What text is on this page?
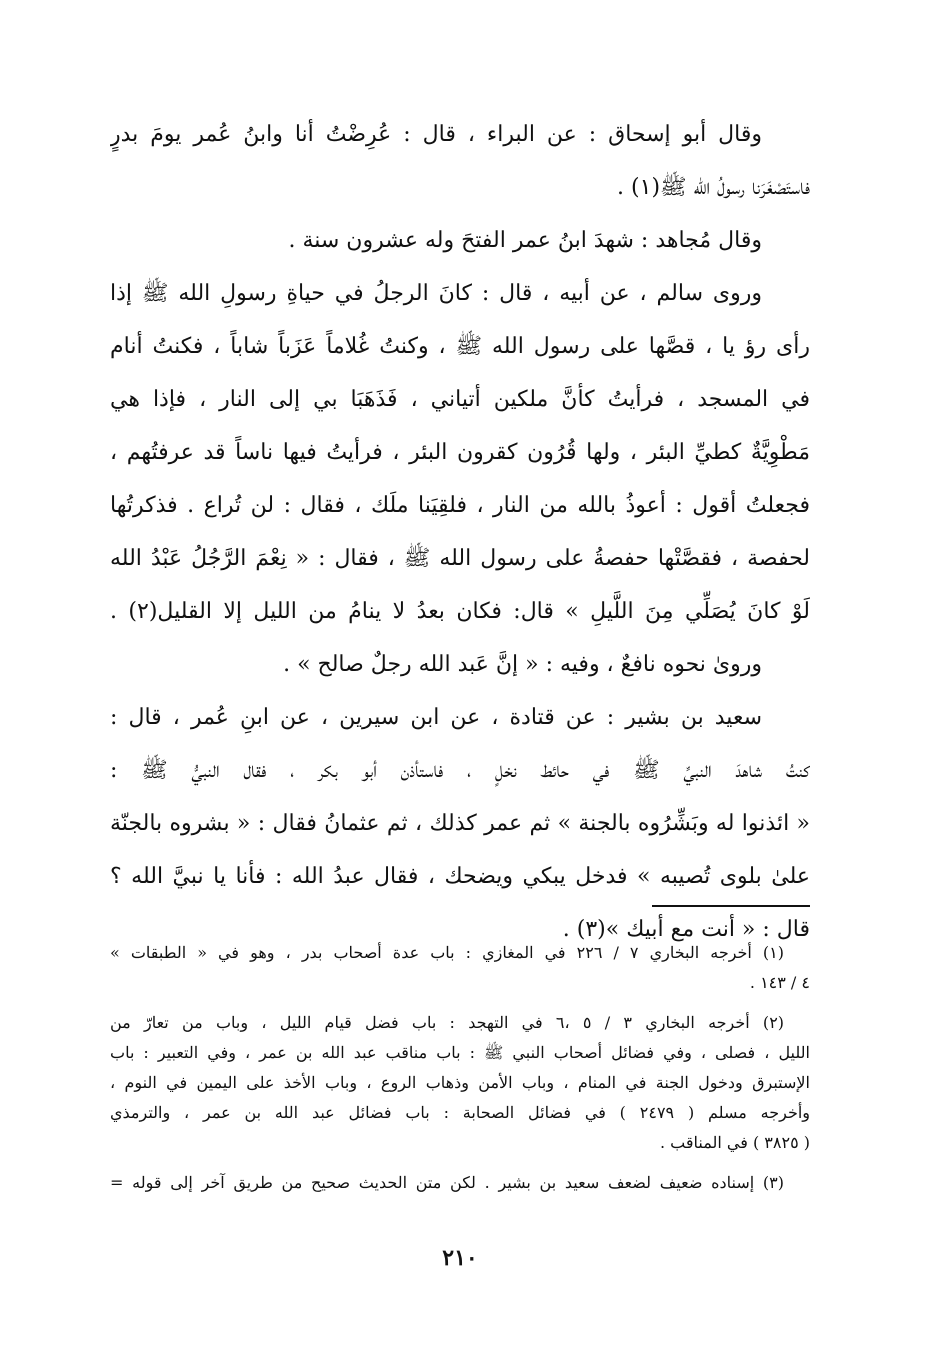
وقال أبو إسحاق : عن البراء ، قال : عُرِضْتُ أنا وابنُ عُمر يومَ بدرٍ
فاستَصْغَرَنا رسولُ الله ﷺ(١) .
وقال مُجاهد : شهدَ ابنُ عمر الفتحَ وله عشرون سنة .
وروى سالم ، عن أبيه ، قال : كانَ الرجلُ في حياةِ رسولِ الله ﷺ إذا
رأى رؤ يا ، قصَّها على رسول الله ﷺ ، وكنتُ غُلاماً عَزَباً شاباً ، فكنتُ أنام
في المسجد ، فرأيتُ كأنَّ ملكين أتياني ، فَذَهَبَا بي إلى النار ، فإذا هي
مَطْوِيَّةٌ كطيِّ البئر ، ولها قُرُون كقرون البئر ، فرأيتُ فيها ناساً قد عرفتُهم ،
فجعلتُ أقول : أعوذُ بالله من النار ، فلقِيَنا ملَك ، فقال : لن تُراع . فذكرتُها
لحفصة ، فقصَّتْها حفصةُ على رسول الله ﷺ ، فقال : « نِعْمَ الرَّجُلُ عَبْدُ الله
لَوْ كانَ يُصَلِّي مِنَ اللَّيلِ » قال: فكان بعدُ لا ينامُ من الليل إلا القليل(٢) .
وروىٰ نحوه نافعٌ ، وفيه : « إنَّ عَبد الله رجلٌ صالح » .
سعيد بن بشير : عن قتادة ، عن ابن سيرين ، عن ابنِ عُمر ، قال :
كنتُ شاهدَ النبيِّ ﷺ في حائط نخلٍ ، فاستأذن أبو بكر ، فقال النبيُّ ﷺ :
« ائذنوا له وبَشِّرُوه بالجنة » ثم عمر كذلك ، ثم عثمانُ فقال : « بشروه بالجنّة
علىٰ بلوى تُصيبه » فدخل يبكي ويضحك ، فقال عبدُ الله : فأنا يا نبيَّ الله ؟
قال : « أنت مع أبيك »(٣) .
(١) أخرجه البخاري ٧ / ٢٢٦ في المغازي : باب عدة أصحاب بدر ، وهو في « الطبقات »
٤ / ١٤٣ .
(٢) أخرجه البخاري ٣ / ٥ ،٦ في التهجد : باب فضل قيام الليل ، وباب من تعارّ من
الليل ، فصلى ، وفي فضائل أصحاب النبي ﷺ : باب مناقب عبد الله بن عمر ، وفي التعبير : باب
الإستبرق ودخول الجنة في المنام ، وباب الأمن وذهاب الروع ، وباب الأخذ على اليمين في النوم ،
وأخرجه مسلم ( ٢٤٧٩ ) في فضائل الصحابة : باب فضائل عبد الله بن عمر ، والترمذي
( ٣٨٢٥ ) في المناقب .
(٣) إسناده ضعيف لضعف سعيد بن بشير . لكن متن الحديث صحيح من طريق آخر إلى قوله =
٢١٠
